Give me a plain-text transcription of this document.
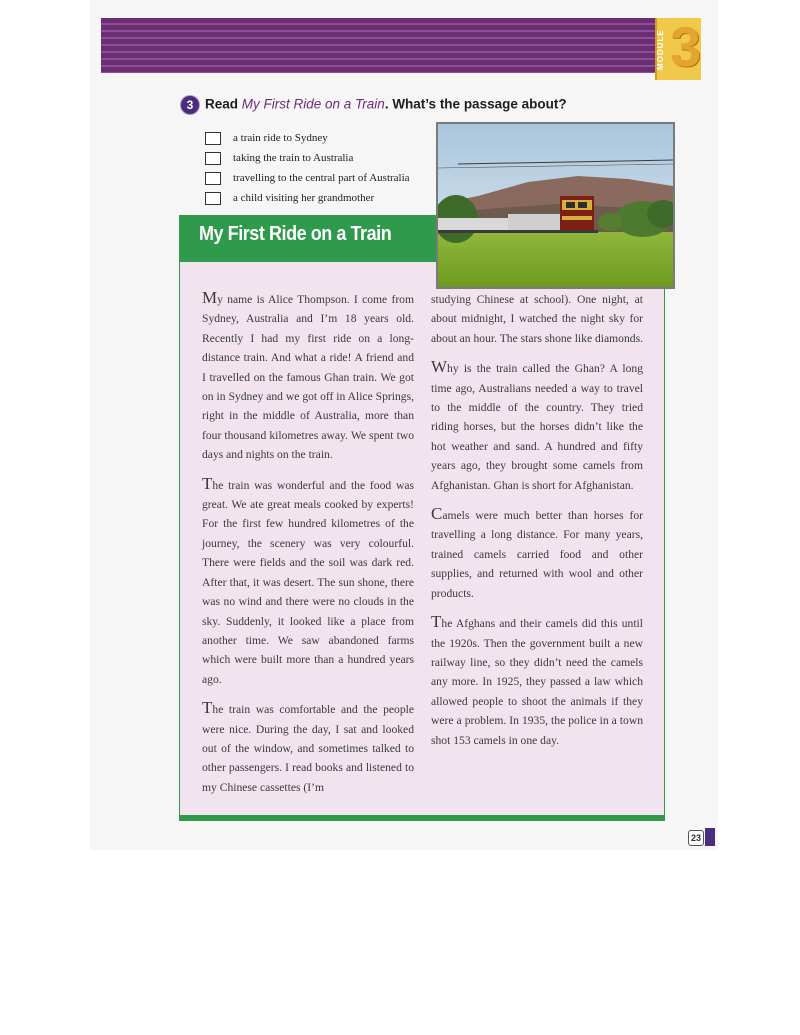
MODULE 3
3 Read My First Ride on a Train. What’s the passage about?
a train ride to Sydney
taking the train to Australia
travelling to the central part of Australia
a child visiting her grandmother
My First Ride on a Train

My name is Alice Thompson. I come from Sydney, Australia and I’m 18 years old. Recently I had my first ride on a long-distance train. And what a ride! A friend and I travelled on the famous Ghan train. We got on in Sydney and we got off in Alice Springs, right in the middle of Australia, more than four thousand kilometres away. We spent two days and nights on the train.

The train was wonderful and the food was great. We ate great meals cooked by experts! For the first few hundred kilometres of the journey, the scenery was very colourful. There were fields and the soil was dark red. After that, it was desert. The sun shone, there was no wind and there were no clouds in the sky. Suddenly, it looked like a place from another time. We saw abandoned farms which were built more than a hundred years ago.

The train was comfortable and the people were nice. During the day, I sat and looked out of the window, and sometimes talked to other passengers. I read books and listened to my Chinese cassettes (I’m

studying Chinese at school). One night, at about midnight, I watched the night sky for about an hour. The stars shone like diamonds.

Why is the train called the Ghan? A long time ago, Australians needed a way to travel to the middle of the country. They tried riding horses, but the horses didn’t like the hot weather and sand. A hundred and fifty years ago, they brought some camels from Afghanistan. Ghan is short for Afghanistan.

Camels were much better than horses for travelling a long distance. For many years, trained camels carried food and other supplies, and returned with wool and other products.

The Afghans and their camels did this until the 1920s. Then the government built a new railway line, so they didn’t need the camels any more. In 1925, they passed a law which allowed people to shoot the animals if they were a problem. In 1935, the police in a town shot 153 camels in one day.

23
